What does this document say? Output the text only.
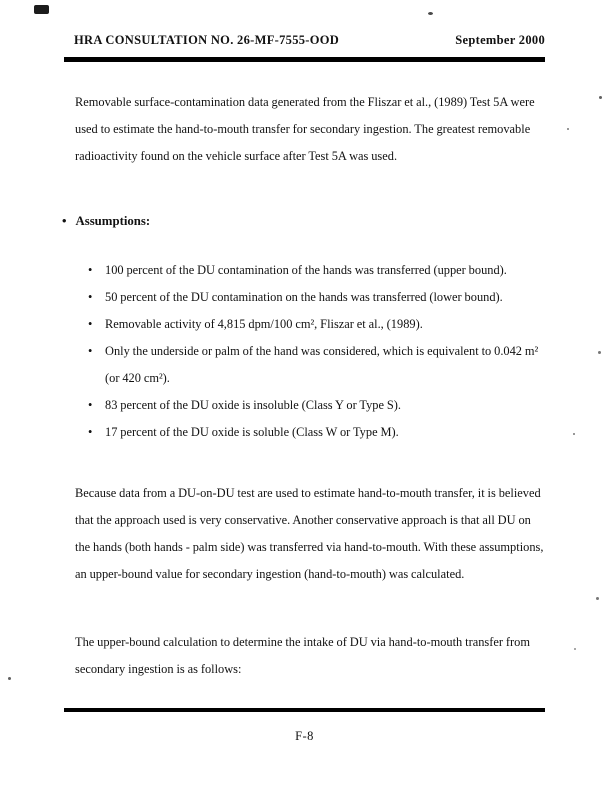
HRA CONSULTATION NO. 26-MF-7555-OOD	September 2000
Removable surface-contamination data generated from the Fliszar et al., (1989) Test 5A were used to estimate the hand-to-mouth transfer for secondary ingestion. The greatest removable radioactivity found on the vehicle surface after Test 5A was used.
• Assumptions:
•	100 percent of the DU contamination of the hands was transferred (upper bound).
•	50 percent of the DU contamination on the hands was transferred (lower bound).
•	Removable activity of 4,815 dpm/100 cm², Fliszar et al., (1989).
•	Only the underside or palm of the hand was considered, which is equivalent to 0.042 m² (or 420 cm²).
•	83 percent of the DU oxide is insoluble (Class Y or Type S).
•	17 percent of the DU oxide is soluble (Class W or Type M).
Because data from a DU-on-DU test are used to estimate hand-to-mouth transfer, it is believed that the approach used is very conservative. Another conservative approach is that all DU on the hands (both hands - palm side) was transferred via hand-to-mouth. With these assumptions, an upper-bound value for secondary ingestion (hand-to-mouth) was calculated.
The upper-bound calculation to determine the intake of DU via hand-to-mouth transfer from secondary ingestion is as follows:
F-8
